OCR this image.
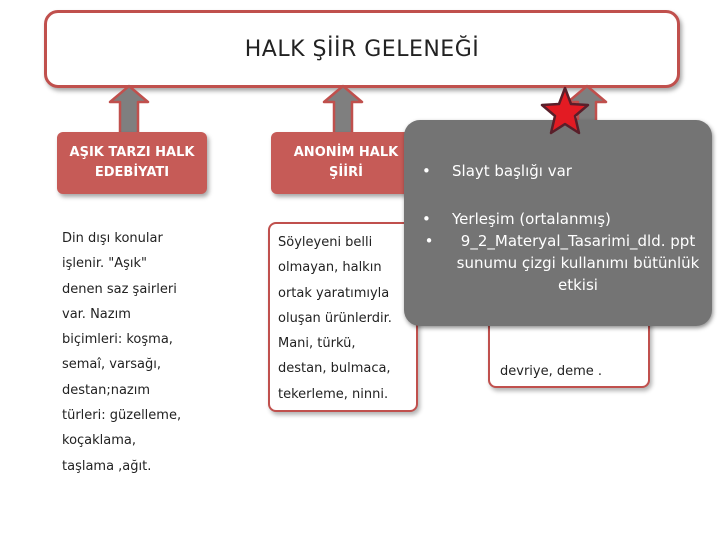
HALK ŞİİR GELENEĞİ
AŞIK TARZI HALK
EDEBİYATI
Din dışı konular
işlenir. "Aşık"
denen saz şairleri
var. Nazım
biçimleri: koşma,
semaî, varsağı,
destan;nazım
türleri: güzelleme,
koçaklama,
taşlama ,ağıt.
ANONİM HALK
ŞİİRİ
Söyleyeni belli
olmayan, halkın
ortak yaratımıyla
oluşan ürünlerdir.
Mani, türkü,
destan, bulmaca,
tekerleme, ninni.
devriye, deme .
•	Slayt başlığı var
•	Yerleşim (ortalanmış)
•	9_2_Materyal_Tasarimi_dld. ppt sunumu çizgi kullanımı bütünlük etkisi
